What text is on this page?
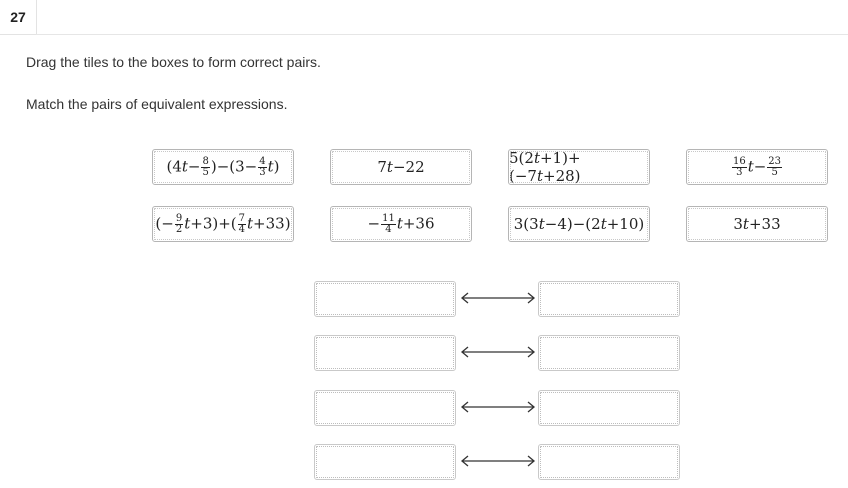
27
Drag the tiles to the boxes to form correct pairs.
Match the pairs of equivalent expressions.
$(4t- \frac{8}{5} )-(3- \frac{4}{3} t)$	7t−22	5(2t+1)+(−7t+28)	$\frac{16}{3} t- \frac{23}{5}$
(− $\frac{9}{2} t+3)+( \frac{7}{4} t+33)$	− $\frac{11}{4} t+36$	3(3t−4)−(2t+10)	3t+33
